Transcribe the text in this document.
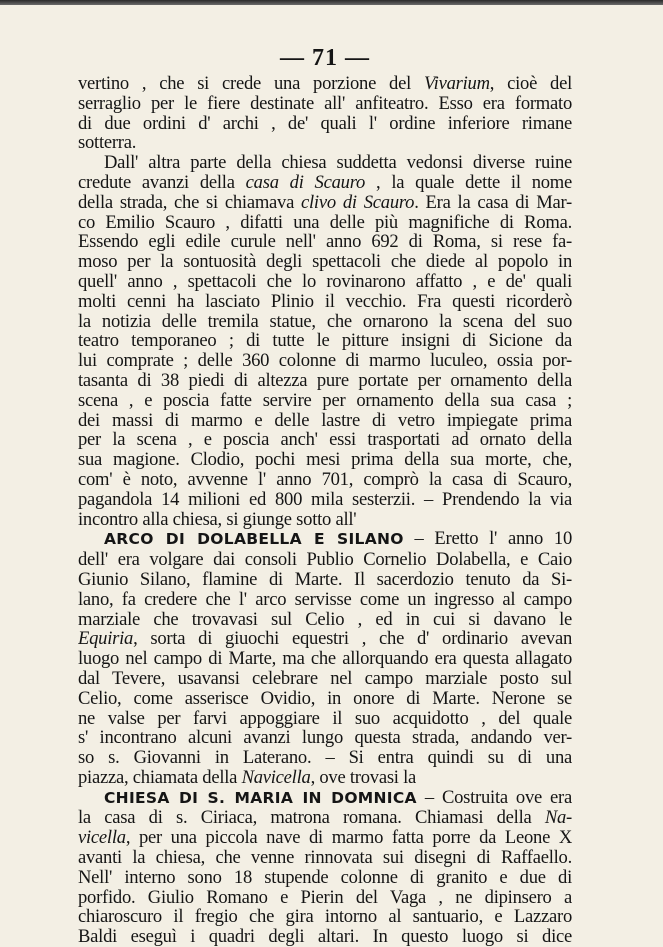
— 71 —
vertino , che si crede una porzione del Vivarium, cioè del
serraglio per le fiere destinate all' anfiteatro. Esso era formato
di due ordini d' archi , de' quali l' ordine inferiore rimane
sotterra.
Dall' altra parte della chiesa suddetta vedonsi diverse ruine
credute avanzi della casa di Scauro , la quale dette il nome
della strada, che si chiamava clivo di Scauro. Era la casa di Mar-
co Emilio Scauro , difatti una delle più magnifiche di Roma.
Essendo egli edile curule nell' anno 692 di Roma, si rese fa-
moso per la sontuosità degli spettacoli che diede al popolo in
quell' anno , spettacoli che lo rovinarono affatto , e de' quali
molti cenni ha lasciato Plinio il vecchio. Fra questi ricorderò
la notizia delle tremila statue, che ornarono la scena del suo
teatro temporaneo ; di tutte le pitture insigni di Sicione da
lui comprate ; delle 360 colonne di marmo luculeo, ossia por-
tasanta di 38 piedi di altezza pure portate per ornamento della
scena , e poscia fatte servire per ornamento della sua casa ;
dei massi di marmo e delle lastre di vetro impiegate prima
per la scena , e poscia anch' essi trasportati ad ornato della
sua magione. Clodio, pochi mesi prima della sua morte, che,
com' è noto, avvenne l' anno 701, comprò la casa di Scauro,
pagandola 14 milioni ed 800 mila sesterzii. – Prendendo la via
incontro alla chiesa, si giunge sotto all'
ARCO DI DOLABELLA E SILANO – Eretto l' anno 10
dell' era volgare dai consoli Publio Cornelio Dolabella, e Caio
Giunio Silano, flamine di Marte. Il sacerdozio tenuto da Si-
lano, fa credere che l' arco servisse come un ingresso al campo
marziale che trovavasi sul Celio , ed in cui si davano le
Equiria, sorta di giuochi equestri , che d' ordinario avevan
luogo nel campo di Marte, ma che allorquando era questa allagato
dal Tevere, usavansi celebrare nel campo marziale posto sul
Celio, come asserisce Ovidio, in onore di Marte. Nerone se
ne valse per farvi appoggiare il suo acquidotto , del quale
s' incontrano alcuni avanzi lungo questa strada, andando ver-
so s. Giovanni in Laterano. – Si entra quindi su di una
piazza, chiamata della Navicella, ove trovasi la
CHIESA DI S. MARIA IN DOMNICA – Costruita ove era
la casa di s. Ciriaca, matrona romana. Chiamasi della Na-
vicella, per una piccola nave di marmo fatta porre da Leone X
avanti la chiesa, che venne rinnovata sui disegni di Raffaello.
Nell' interno sono 18 stupende colonne di granito e due di
porfido. Giulio Romano e Pierin del Vaga , ne dipinsero a
chiaroscuro il fregio che gira intorno al santuario, e Lazzaro
Baldi eseguì i quadri degli altari. In questo luogo si dice
